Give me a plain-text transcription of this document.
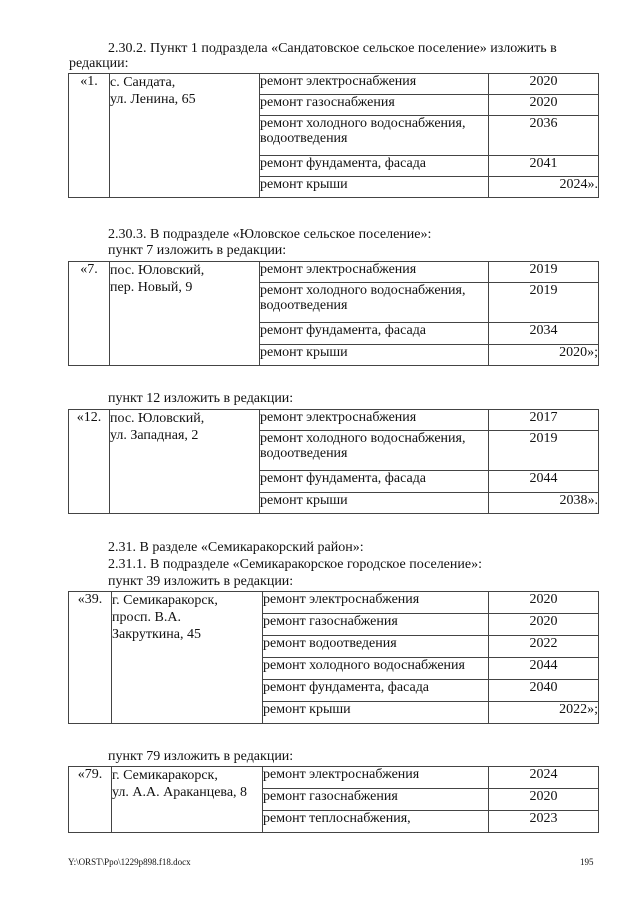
2.30.2. Пункт 1 подраздела «Сандатовское сельское поселение» изложить в
редакции:
«1.	с. Сандата,
ул. Ленина, 65	ремонт электроснабжения	2020
		ремонт газоснабжения	2020
		ремонт холодного водоснабжения,
водоотведения	2036
		ремонт фундамента, фасада	2041
		ремонт крыши	2024».
2.30.3. В подразделе «Юловское сельское поселение»:
пункт 7 изложить в редакции:
«7.	пос. Юловский,
пер. Новый, 9	ремонт электроснабжения	2019
		ремонт холодного водоснабжения,
водоотведения	2019
		ремонт фундамента, фасада	2034
		ремонт крыши	2020»;
пункт 12 изложить в редакции:
«12.	пос. Юловский,
ул. Западная, 2	ремонт электроснабжения	2017
		ремонт холодного водоснабжения,
водоотведения	2019
		ремонт фундамента, фасада	2044
		ремонт крыши	2038».
2.31. В разделе «Семикаракорский район»:
2.31.1. В подразделе «Семикаракорское городское поселение»:
пункт 39 изложить в редакции:
«39.	г. Семикаракорск,
просп. В.А.
Закруткина, 45	ремонт электроснабжения	2020
		ремонт газоснабжения	2020
		ремонт водоотведения	2022
		ремонт холодного водоснабжения	2044
		ремонт фундамента, фасада	2040
		ремонт крыши	2022»;
пункт 79 изложить в редакции:
«79.	г. Семикаракорск,
ул. А.А. Араканцева, 8	ремонт электроснабжения	2024
		ремонт газоснабжения	2020
		ремонт теплоснабжения,	2023
Y:\ORST\Ppo\1229p898.f18.docx	195
